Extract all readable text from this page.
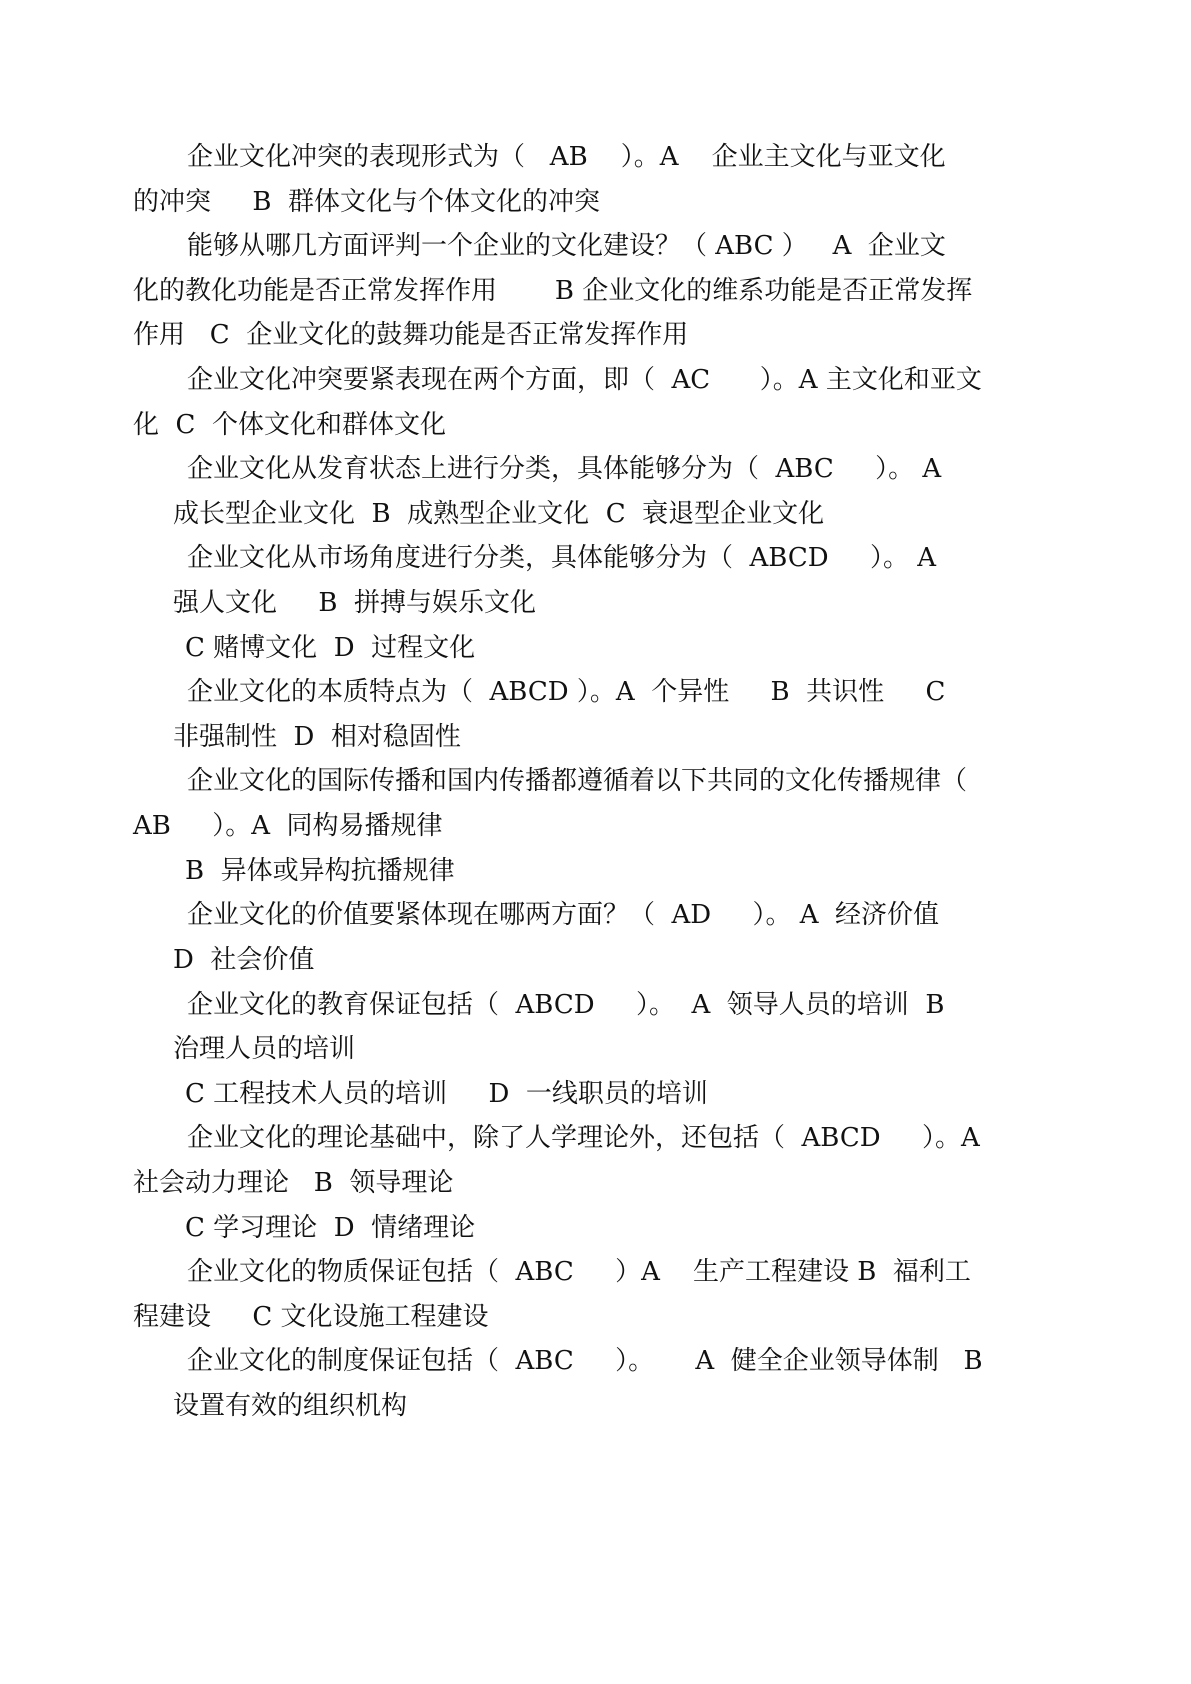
企业文化冲突的表现形式为（   AB    ）。A    企业主文化与亚文化
的冲突     B  群体文化与个体文化的冲突
能够从哪几方面评判一个企业的文化建设？（ ABC ）   A  企业文
化的教化功能是否正常发挥作用       B 企业文化的维系功能是否正常发挥
作用   C  企业文化的鼓舞功能是否正常发挥作用
企业文化冲突要紧表现在两个方面，即（  AC      ）。A 主文化和亚文
化  C  个体文化和群体文化
企业文化从发育状态上进行分类，具体能够分为（  ABC     ）。 A
成长型企业文化  B  成熟型企业文化  C  衰退型企业文化
企业文化从市场角度进行分类，具体能够分为（  ABCD     ）。 A
强人文化     B  拼搏与娱乐文化
C 赌博文化  D  过程文化
企业文化的本质特点为（  ABCD ）。A  个异性     B  共识性     C
非强制性  D  相对稳固性
企业文化的国际传播和国内传播都遵循着以下共同的文化传播规律（
AB     ）。A  同构易播规律
B  异体或异构抗播规律
企业文化的价值要紧体现在哪两方面？（  AD     ）。 A  经济价值
D  社会价值
企业文化的教育保证包括（  ABCD     ）。  A  领导人员的培训  B
治理人员的培训
C 工程技术人员的培训     D  一线职员的培训
企业文化的理论基础中，除了人学理论外，还包括（  ABCD     ）。A
社会动力理论   B  领导理论
C 学习理论  D  情绪理论
企业文化的物质保证包括（  ABC     ）A    生产工程建设 B  福利工
程建设     C 文化设施工程建设
企业文化的制度保证包括（  ABC     ）。     A  健全企业领导体制   B
设置有效的组织机构
